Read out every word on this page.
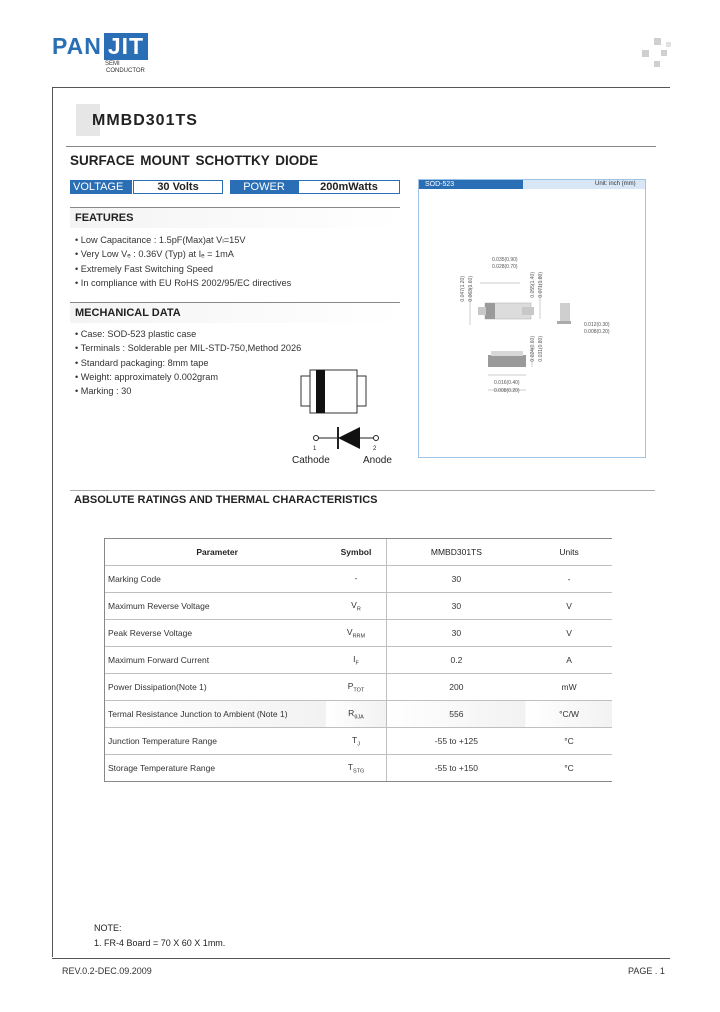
PAN JIT
SEMI
CONDUCTOR
MMBD301TS
SURFACE MOUNT SCHOTTKY DIODE
VOLTAGE	30 Volts	POWER	200mWatts
FEATURES
• Low Capacitance : 1.5pF(Max)at Vₗ=15V
• Very Low Vₑ : 0.36V (Typ) at Iₑ = 1mA
• Extremely Fast Switching Speed
• In compliance with EU RoHS 2002/95/EC directives
MECHANICAL DATA
• Case: SOD-523 plastic case
• Terminals : Solderable per MIL-STD-750,Method 2026
• Standard packaging: 8mm tape
• Weight: approximately 0.002gram
• Marking : 30
1	2
Cathode	Anode
SOD-523	Unit: inch (mm)
0.035(0.90)
0.028(0.70)
0.047(1.20) 0.063(1.60)	0.055(1.40) 0.071(1.80)
0.012(0.30)
0.008(0.20)
0.024(0.60) 0.031(0.80)
0.016(0.40)
0.008(0.20)
ABSOLUTE RATINGS AND THERMAL CHARACTERISTICS
Parameter	Symbol	MMBD301TS	Units
Marking Code	-	30	-
Maximum Reverse Voltage	$V_R$	30	V
Peak Reverse Voltage	$V_{RRM}$	30	V
Maximum Forward Current	$I_F$	0.2	A
Power Dissipation(Note 1)	$P_{TOT}$	200	mW
Termal Resistance Junction to Ambient (Note 1)	$R_{\theta JA}$	556	°C/W
Junction Temperature Range	$T_J$	-55 to +125	°C
Storage Temperature Range	$T_{STG}$	-55 to +150	°C
NOTE:
1. FR-4 Board = 70 X 60 X 1mm.
REV.0.2-DEC.09.2009	PAGE . 1
